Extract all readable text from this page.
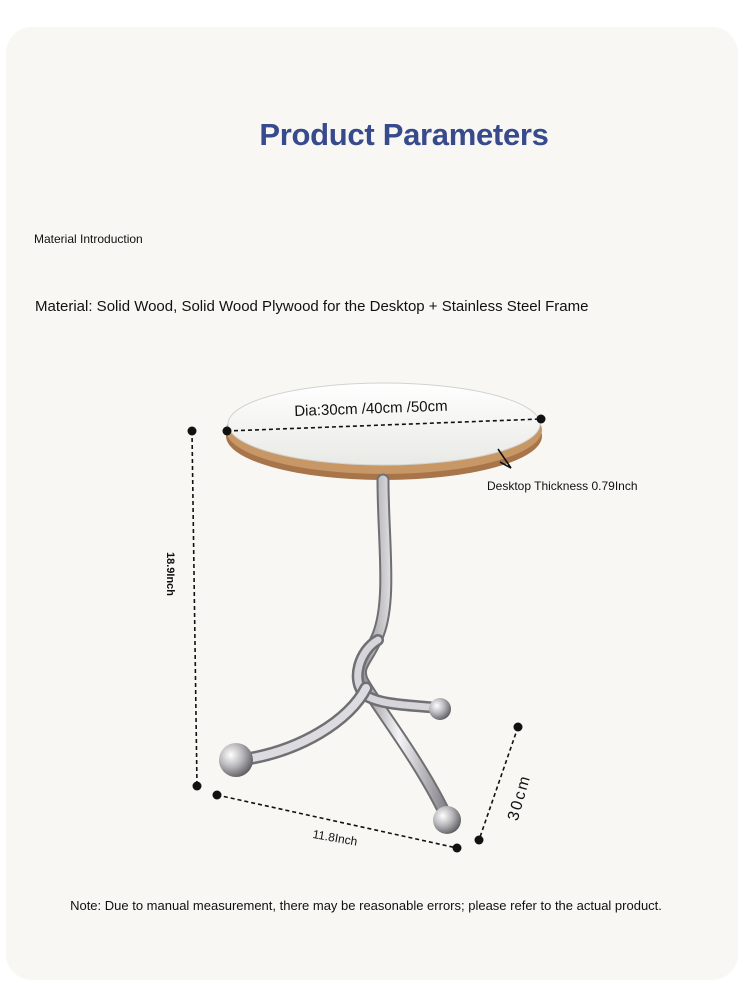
Product Parameters
Material Introduction
Material: Solid Wood, Solid Wood Plywood for the Desktop + Stainless Steel Frame
Dia:30cm /40cm /50cm
Desktop Thickness 0.79Inch
18.9Inch
11.8Inch
30cm
Note: Due to manual measurement, there may be reasonable errors; please refer to the actual product.
